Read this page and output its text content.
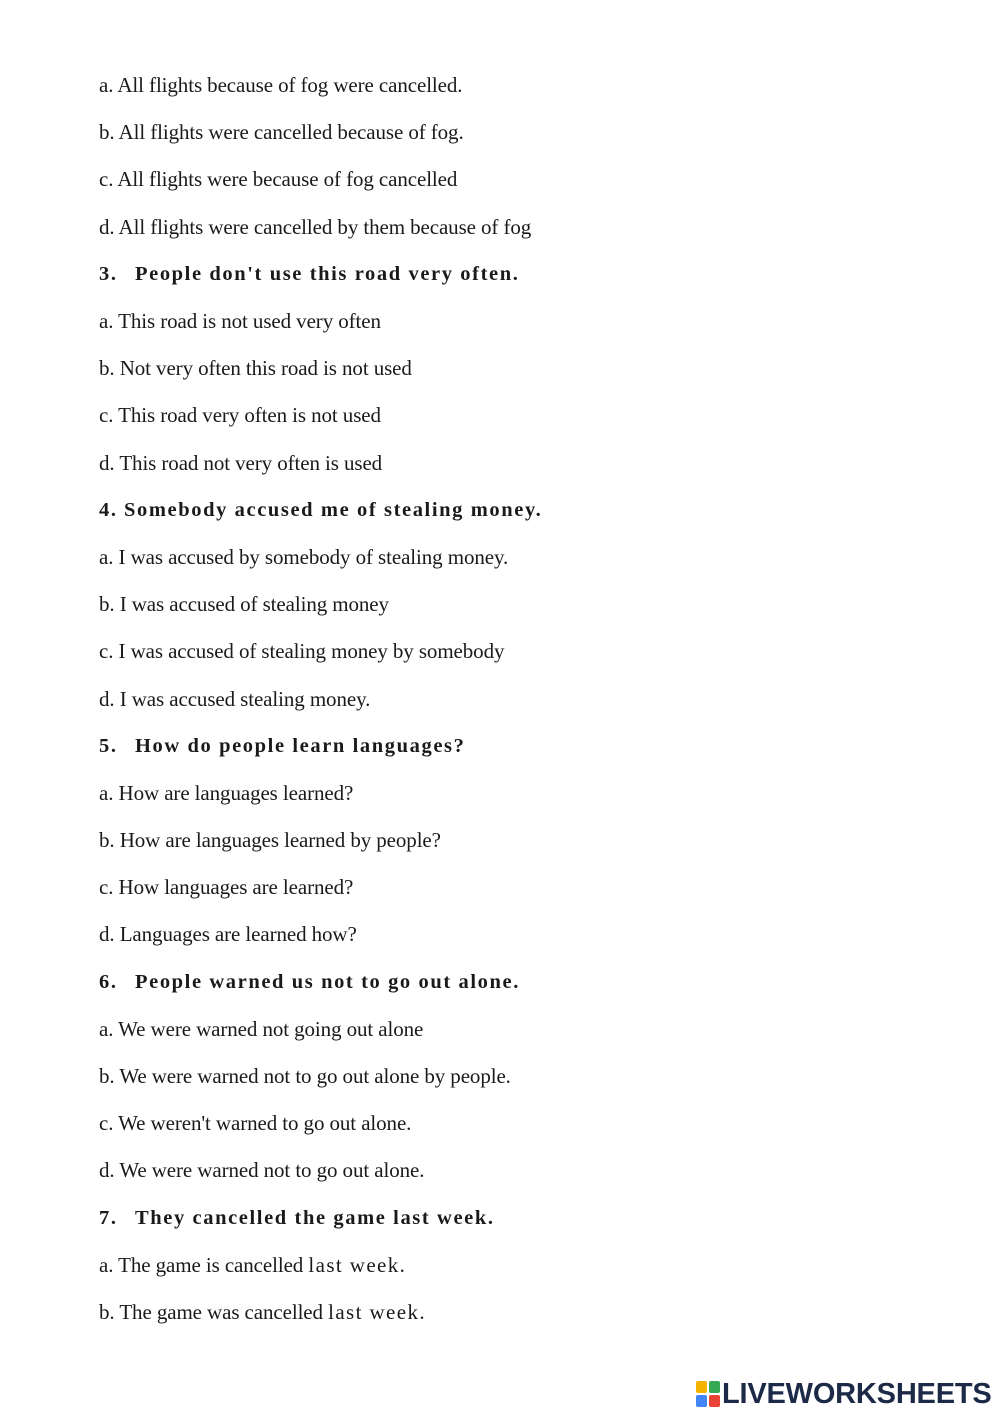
a. All flights because of fog were cancelled.
b. All flights were cancelled because of fog.
c. All flights were because of fog cancelled
d. All flights were cancelled by them because of fog
3. People don't use this road very often.
a. This road is not used very often
b. Not very often this road is not used
c. This road very often is not used
d. This road not very often is used
4. Somebody accused me of stealing money.
a. I was accused by somebody of stealing money.
b. I was accused of stealing money
c. I was accused of stealing money by somebody
d. I was accused stealing money.
5. How do people learn languages?
a. How are languages learned?
b. How are languages learned by people?
c. How languages are learned?
d. Languages are learned how?
6. People warned us not to go out alone.
a. We were warned not going out alone
b. We were warned not to go out alone by people.
c. We weren't warned to go out alone.
d. We were warned not to go out alone.
7. They cancelled the game last week.
a. The game is cancelled last week.
b. The game was cancelled last week.
LIVEWORKSHEETS
